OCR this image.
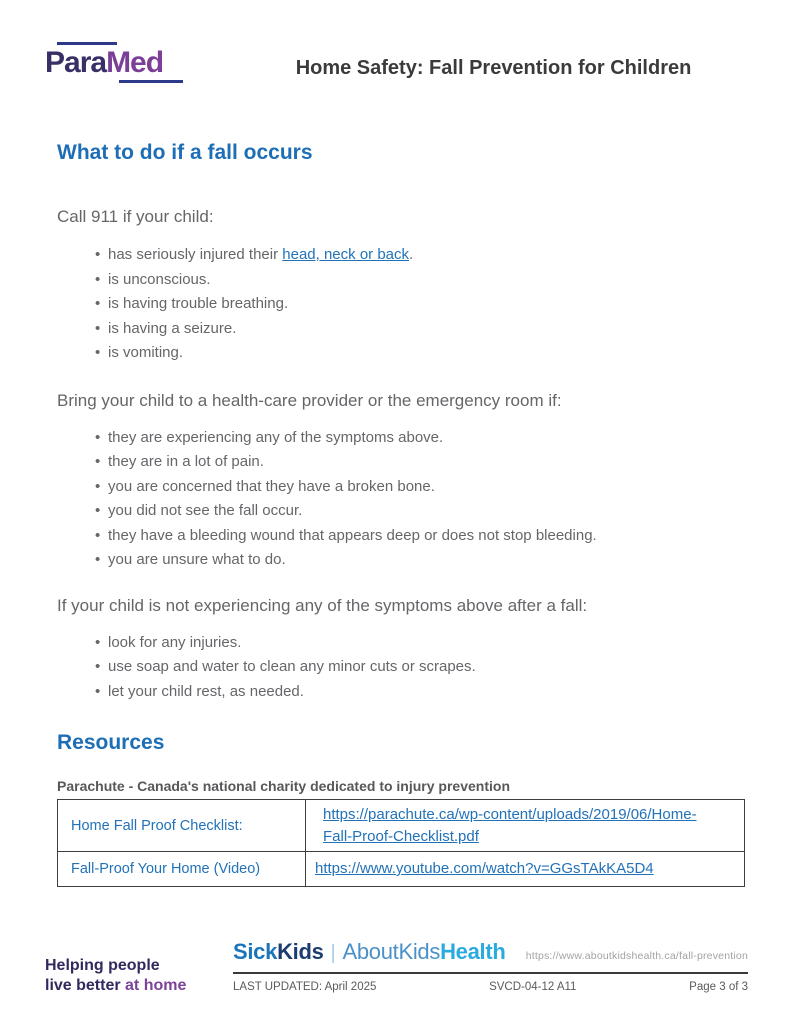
ParaMed	Home Safety: Fall Prevention for Children
What to do if a fall occurs

Call 911 if your child:

• has seriously injured their head, neck or back.
• is unconscious.
• is having trouble breathing.
• is having a seizure.
• is vomiting.

Bring your child to a health-care provider or the emergency room if:

• they are experiencing any of the symptoms above.
• they are in a lot of pain.
• you are concerned that they have a broken bone.
• you did not see the fall occur.
• they have a bleeding wound that appears deep or does not stop bleeding.
• you are unsure what to do.

If your child is not experiencing any of the symptoms above after a fall:

• look for any injuries.
• use soap and water to clean any minor cuts or scrapes.
• let your child rest, as needed.
Resources

Parachute - Canada's national charity dedicated to injury prevention

Home Fall Proof Checklist:	https://parachute.ca/wp-content/uploads/2019/06/Home-Fall-Proof-Checklist.pdf
Fall-Proof Your Home (Video)	https://www.youtube.com/watch?v=GGsTAkKA5D4
Helping people
live better at home
SickKids | AboutKidsHealth https://www.aboutkidshealth.ca/fall-prevention
LAST UPDATED: April 2025	SVCD-04-12 A11	Page 3 of 3
